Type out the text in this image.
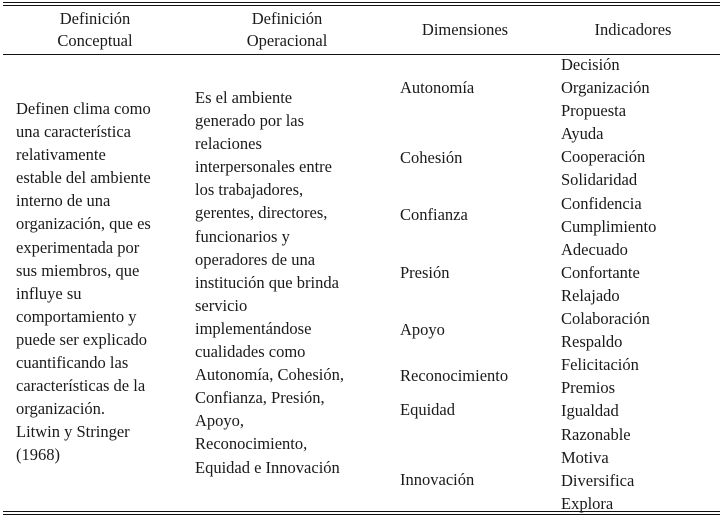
Definición
Conceptual
Definición
Operacional
Dimensiones	Indicadores
Definen clima como
una característica
relativamente
estable del ambiente
interno de una
organización, que es
experimentada por
sus miembros, que
influye su
comportamiento y
puede ser explicado
cuantificando las
características de la
organización.
Litwin y Stringer
(1968)
Es el ambiente
generado por las
relaciones
interpersonales entre
los trabajadores,
gerentes, directores,
funcionarios y
operadores de una
institución que brinda
servicio
implementándose
cualidades como
Autonomía, Cohesión,
Confianza, Presión,
Apoyo,
Reconocimiento,
Equidad e Innovación
Autonomía
Cohesión
Confianza
Presión
Apoyo
Reconocimiento
Equidad
Innovación
Decisión
Organización
Propuesta
Ayuda
Cooperación
Solidaridad
Confidencia
Cumplimiento
Adecuado
Confortante
Relajado
Colaboración
Respaldo
Felicitación
Premios
Igualdad
Razonable
Motiva
Diversifica
Explora
